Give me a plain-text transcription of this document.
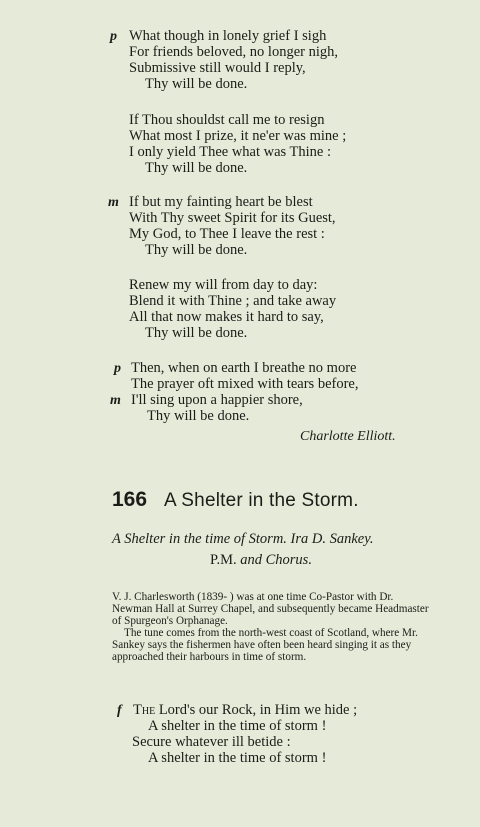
p What though in lonely grief I sigh
For friends beloved, no longer nigh,
Submissive still would I reply,
Thy will be done.
If Thou shouldst call me to resign
What most I prize, it ne'er was mine ;
I only yield Thee what was Thine :
Thy will be done.
m If but my fainting heart be blest
With Thy sweet Spirit for its Guest,
My God, to Thee I leave the rest :
Thy will be done.
Renew my will from day to day:
Blend it with Thine ; and take away
All that now makes it hard to say,
Thy will be done.
p Then, when on earth I breathe no more
The prayer oft mixed with tears before,
m I'll sing upon a happier shore,
Thy will be done.
Charlotte Elliott.
166 A Shelter in the Storm.
A Shelter in the time of Storm. Ira D. Sankey.
P.M. and Chorus.

V. J. Charlesworth (1839- ) was at one time Co-Pastor with Dr. Newman Hall at Surrey Chapel, and subsequently became Headmaster of Spurgeon's Orphanage.

The tune comes from the north-west coast of Scotland, where Mr. Sankey says the fishermen have often been heard singing it as they approached their harbours in time of storm.

f The Lord's our Rock, in Him we hide ;
A shelter in the time of storm !
Secure whatever ill betide :
A shelter in the time of storm !
